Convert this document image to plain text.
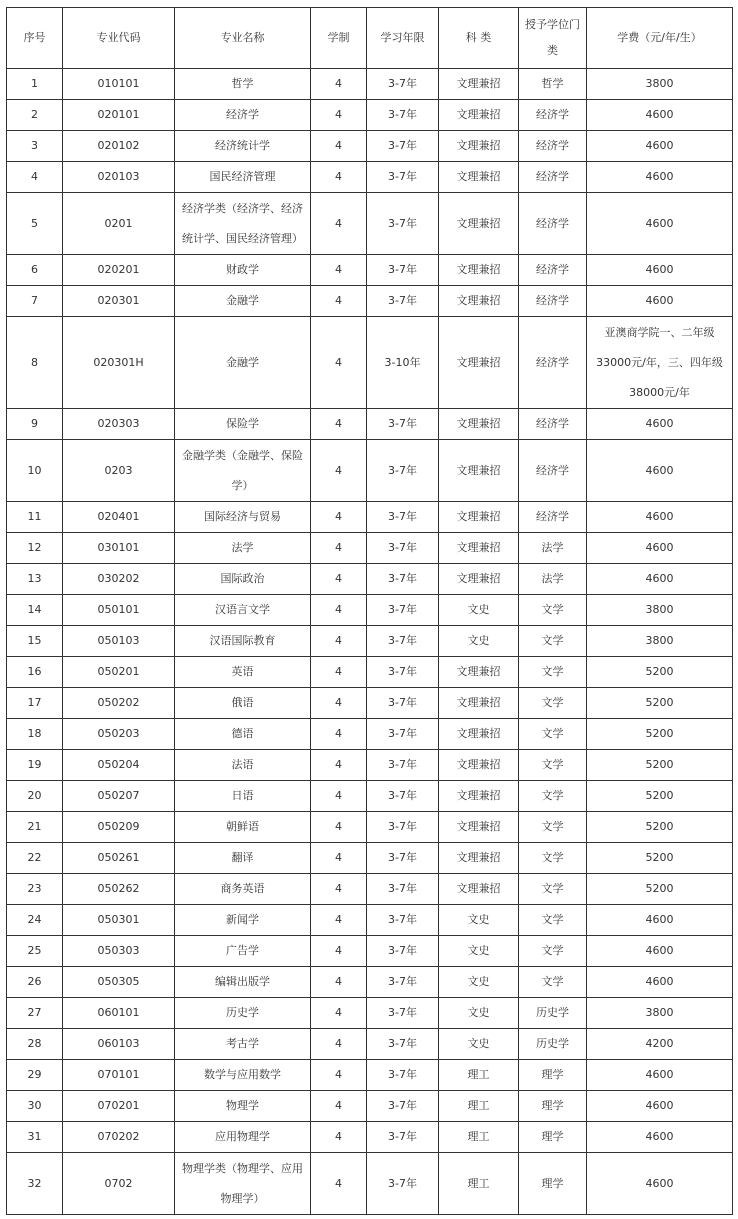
序号	专业代码	专业名称	学制	学习年限	科 类	授予学位门类	学费（元/年/生）
1	010101	哲学	4	3-7年	文理兼招	哲学	3800
2	020101	经济学	4	3-7年	文理兼招	经济学	4600
3	020102	经济统计学	4	3-7年	文理兼招	经济学	4600
4	020103	国民经济管理	4	3-7年	文理兼招	经济学	4600
5	0201	经济学类（经济学、经济统计学、国民经济管理）	4	3-7年	文理兼招	经济学	4600
6	020201	财政学	4	3-7年	文理兼招	经济学	4600
7	020301	金融学	4	3-7年	文理兼招	经济学	4600
8	020301H	金融学	4	3-10年	文理兼招	经济学	亚澳商学院一、二年级33000元/年，三、四年级38000元/年
9	020303	保险学	4	3-7年	文理兼招	经济学	4600
10	0203	金融学类（金融学、保险学）	4	3-7年	文理兼招	经济学	4600
11	020401	国际经济与贸易	4	3-7年	文理兼招	经济学	4600
12	030101	法学	4	3-7年	文理兼招	法学	4600
13	030202	国际政治	4	3-7年	文理兼招	法学	4600
14	050101	汉语言文学	4	3-7年	文史	文学	3800
15	050103	汉语国际教育	4	3-7年	文史	文学	3800
16	050201	英语	4	3-7年	文理兼招	文学	5200
17	050202	俄语	4	3-7年	文理兼招	文学	5200
18	050203	德语	4	3-7年	文理兼招	文学	5200
19	050204	法语	4	3-7年	文理兼招	文学	5200
20	050207	日语	4	3-7年	文理兼招	文学	5200
21	050209	朝鲜语	4	3-7年	文理兼招	文学	5200
22	050261	翻译	4	3-7年	文理兼招	文学	5200
23	050262	商务英语	4	3-7年	文理兼招	文学	5200
24	050301	新闻学	4	3-7年	文史	文学	4600
25	050303	广告学	4	3-7年	文史	文学	4600
26	050305	编辑出版学	4	3-7年	文史	文学	4600
27	060101	历史学	4	3-7年	文史	历史学	3800
28	060103	考古学	4	3-7年	文史	历史学	4200
29	070101	数学与应用数学	4	3-7年	理工	理学	4600
30	070201	物理学	4	3-7年	理工	理学	4600
31	070202	应用物理学	4	3-7年	理工	理学	4600
32	0702	物理学类（物理学、应用物理学）	4	3-7年	理工	理学	4600
